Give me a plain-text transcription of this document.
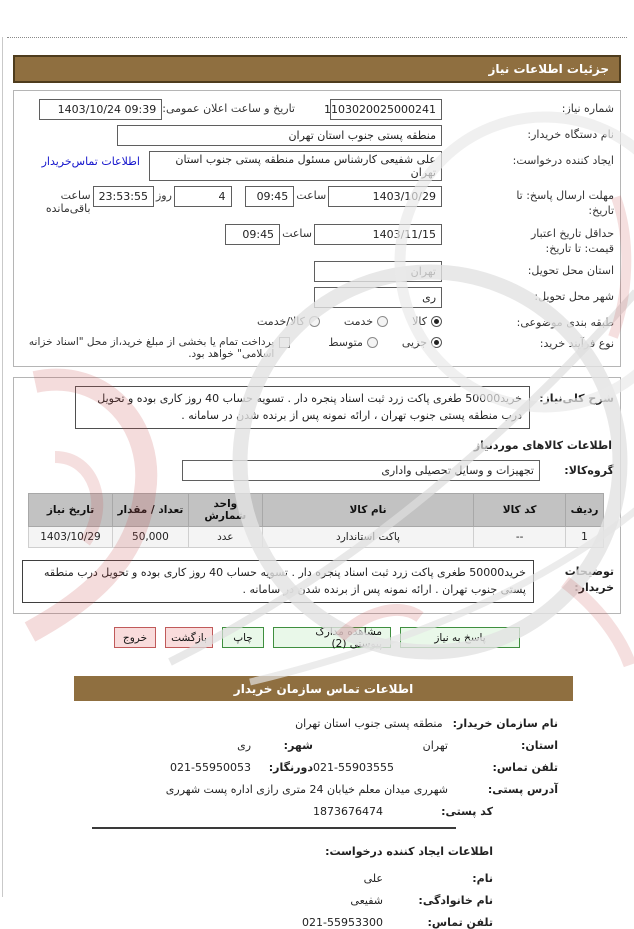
جزئیات اطلاعات نیاز
شماره نیاز:
1103020025000241
تاریخ و ساعت اعلان عمومی:
1403/10/24 09:39
نام دستگاه خریدار:
منطقه پستی جنوب استان تهران
ایجاد کننده درخواست:
علی شفیعی کارشناس مسئول منطقه پستی جنوب استان تهران
اطلاعات تماس‌خریدار
مهلت ارسال پاسخ: تا تاریخ:
1403/10/29
ساعت
09:45
4
روز
23:53:55
ساعت باقی‌مانده
حداقل تاریخ اعتبار قیمت: تا تاریخ:
1403/11/15
ساعت
09:45
استان محل تحویل:
تهران
شهر محل تحویل:
ری
طبقه بندی موضوعی:
کالا
خدمت
کالا/خدمت
نوع فرآیند خرید:
جزیی
متوسط
پرداخت تمام یا بخشی از مبلغ خرید،از محل "اسناد خزانه اسلامی" خواهد بود.
شرح کلی‌نیاز:
خرید50000 طغری پاکت زرد ثبت اسناد پنجره دار . تسویه حساب 40 روز کاری بوده و تحویل درب منطقه پستی جنوب تهران ، ارائه نمونه پس از برنده شدن در سامانه .
اطلاعات کالاهای موردنیاز
گروه‌کالا:
تجهیزات و وسایل تحصیلی واداری
ردیف	کد کالا	نام کالا	واحد شمارش	تعداد / مقدار	تاریخ نیاز
1	--	پاکت استاندارد	عدد	50,000	1403/10/29
توضیحات خریدار:
خرید50000 طغری پاکت زرد ثبت اسناد پنجره دار . تسویه حساب 40 روز کاری بوده و تحویل درب منطقه پستی جنوب تهران . ارائه نمونه پس از برنده شدن در سامانه .
پاسخ به نیاز
مشاهده مدارک پیوستی (2)
چاپ
بازگشت
خروج
اطلاعات تماس سازمان خریدار
نام سازمان خریدار:
منطقه پستی جنوب استان تهران
استان:
تهران
شهر:
ری
تلفن تماس:
021-55903555
دورنگار:
021-55950053
آدرس پستی:
شهرری میدان معلم خیابان 24 متری رازی اداره پست شهرری
کد پستی:
1873676474
اطلاعات ایجاد کننده درخواست:
نام:
علی
نام خانوادگی:
شفیعی
تلفن تماس:
021-55953300
